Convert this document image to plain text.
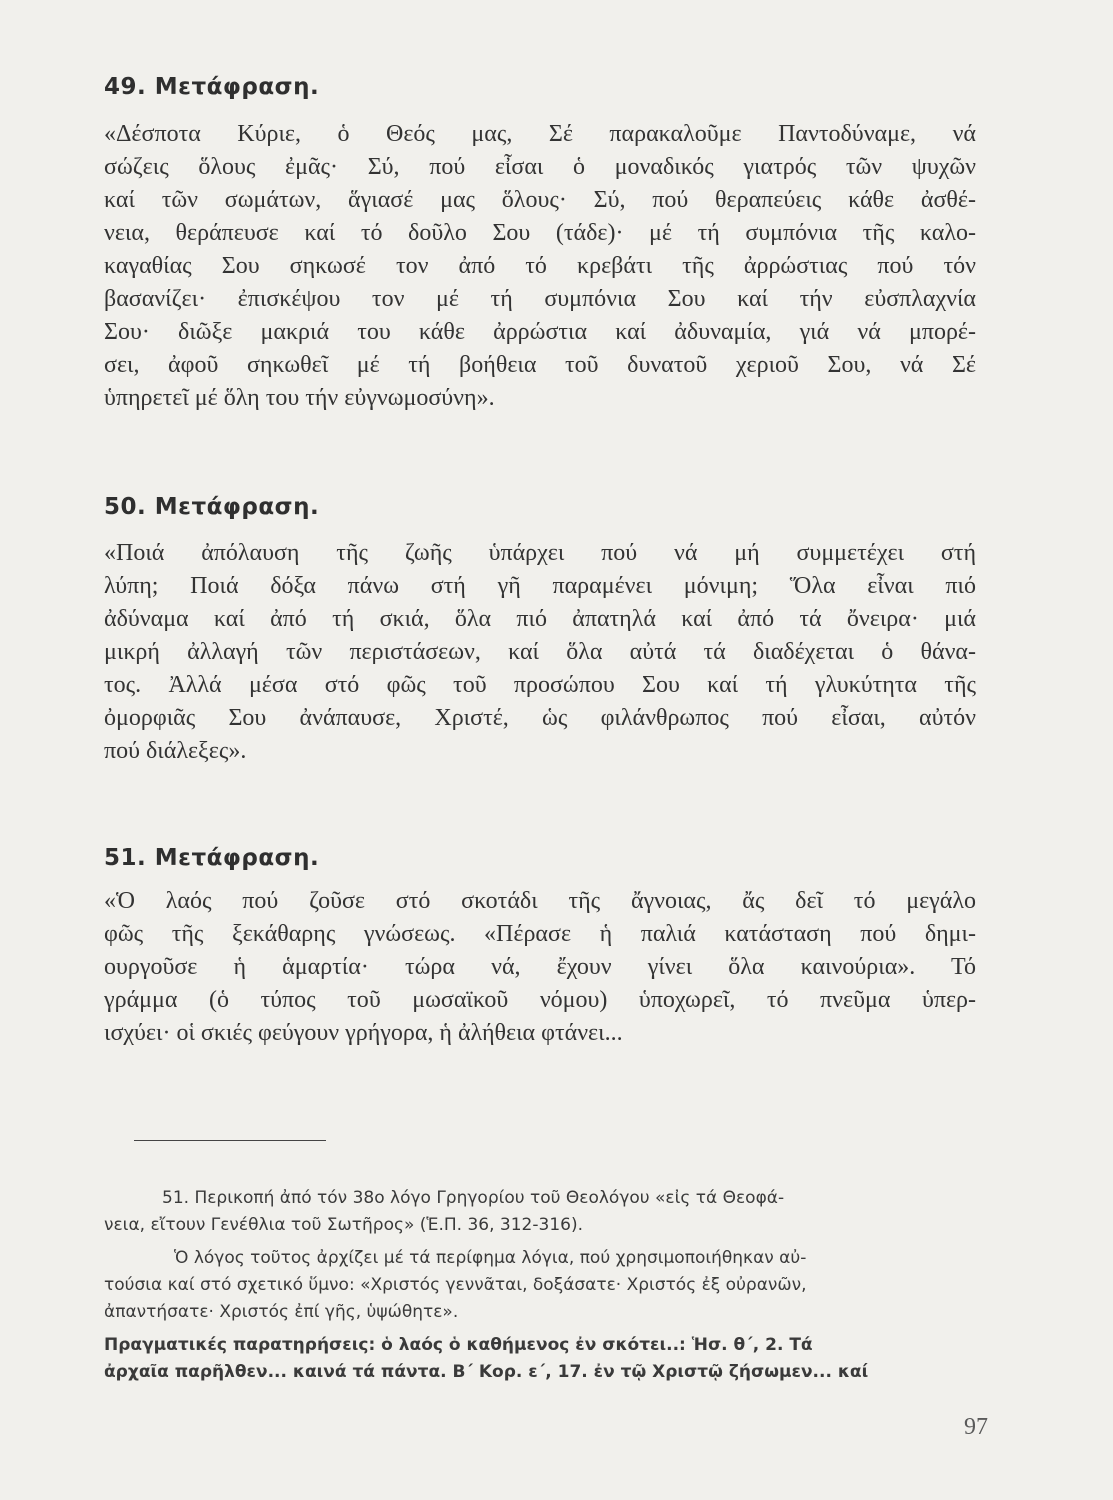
49. Μετάφραση.
«Δέσποτα Κύριε, ὁ Θεός μας, Σέ παρακαλοῦμε Παντοδύναμε, νά
σώζεις ὅλους ἐμᾶς· Σύ, πού εἶσαι ὁ μοναδικός γιατρός τῶν ψυχῶν
καί τῶν σωμάτων, ἅγιασέ μας ὅλους· Σύ, πού θεραπεύεις κάθε ἀσθέ-
νεια, θεράπευσε καί τό δοῦλο Σου (τάδε)· μέ τή συμπόνια τῆς καλο-
καγαθίας Σου σηκωσέ τον ἀπό τό κρεβάτι τῆς ἀρρώστιας πού τόν
βασανίζει· ἐπισκέψου τον μέ τή συμπόνια Σου καί τήν εὐσπλαχνία
Σου· διῶξε μακριά του κάθε ἀρρώστια καί ἀδυναμία, γιά νά μπορέ-
σει, ἀφοῦ σηκωθεῖ μέ τή βοήθεια τοῦ δυνατοῦ χεριοῦ Σου, νά Σέ
ὑπηρετεῖ μέ ὅλη του τήν εὐγνωμοσύνη».
50. Μετάφραση.
«Ποιά ἀπόλαυση τῆς ζωῆς ὑπάρχει πού νά μή συμμετέχει στή
λύπη; Ποιά δόξα πάνω στή γῆ παραμένει μόνιμη; Ὅλα εἶναι πιό
ἀδύναμα καί ἀπό τή σκιά, ὅλα πιό ἀπατηλά καί ἀπό τά ὄνειρα· μιά
μικρή ἀλλαγή τῶν περιστάσεων, καί ὅλα αὐτά τά διαδέχεται ὁ θάνα-
τος. Ἀλλά μέσα στό φῶς τοῦ προσώπου Σου καί τή γλυκύτητα τῆς
ὀμορφιᾶς Σου ἀνάπαυσε, Χριστέ, ὡς φιλάνθρωπος πού εἶσαι, αὐτόν
πού διάλεξες».
51. Μετάφραση.
«Ὁ λαός πού ζοῦσε στό σκοτάδι τῆς ἄγνοιας, ἄς δεῖ τό μεγάλο
φῶς τῆς ξεκάθαρης γνώσεως. «Πέρασε ἡ παλιά κατάσταση πού δημι-
ουργοῦσε ἡ ἁμαρτία· τώρα νά, ἔχουν γίνει ὅλα καινούρια». Τό
γράμμα (ὁ τύπος τοῦ μωσαϊκοῦ νόμου) ὑποχωρεῖ, τό πνεῦμα ὑπερ-
ισχύει· οἱ σκιές φεύγουν γρήγορα, ἡ ἀλήθεια φτάνει...
51. Περικοπή ἀπό τόν 38ο λόγο Γρηγορίου τοῦ Θεολόγου «εἰς τά Θεοφά-
νεια, εἴτουν Γενέθλια τοῦ Σωτῆρος» (Ἑ.Π. 36, 312-316).
Ὁ λόγος τοῦτος ἀρχίζει μέ τά περίφημα λόγια, πού χρησιμοποιήθηκαν αὐ-
τούσια καί στό σχετικό ὕμνο: «Χριστός γεννᾶται, δοξάσατε· Χριστός ἐξ οὐρανῶν,
ἀπαντήσατε· Χριστός ἐπί γῆς, ὑψώθητε».
Πραγματικές παρατηρήσεις: ὁ λαός ὁ καθήμενος ἐν σκότει..: Ἡσ. θ΄, 2. Τά
ἀρχαῖα παρῆλθεν... καινά τά πάντα. Β΄ Κορ. ε΄, 17. ἐν τῷ Χριστῷ ζήσωμεν... καί
97
